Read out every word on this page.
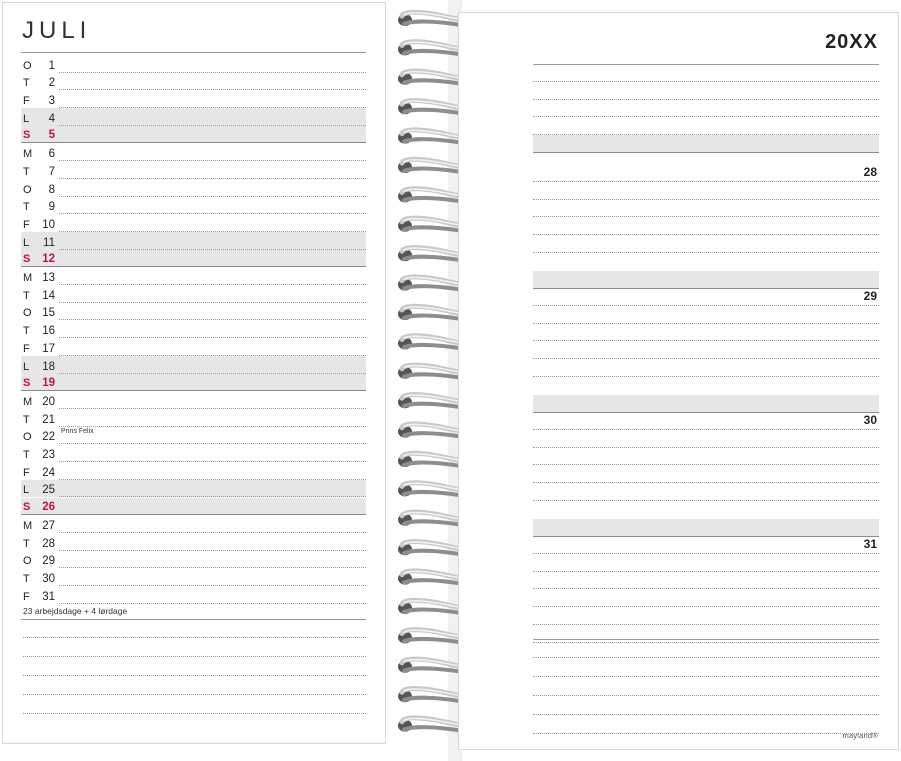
JULI
O	1
T	2
F	3
L	4
S	5
M	6
T	7
O	8
T	9
F 10
L 11
S 12
M 13
T 14
O 15
T 16
F 17
L 18
S 19
M 20
T 21
O 22
Prins Felix
T 23
F 24
L 25
S 26
M 27
T 28
O 29
T 30
F 31
23 arbejdsdage + 4 lørdage
20XX
28
29
30
31
mayland®
